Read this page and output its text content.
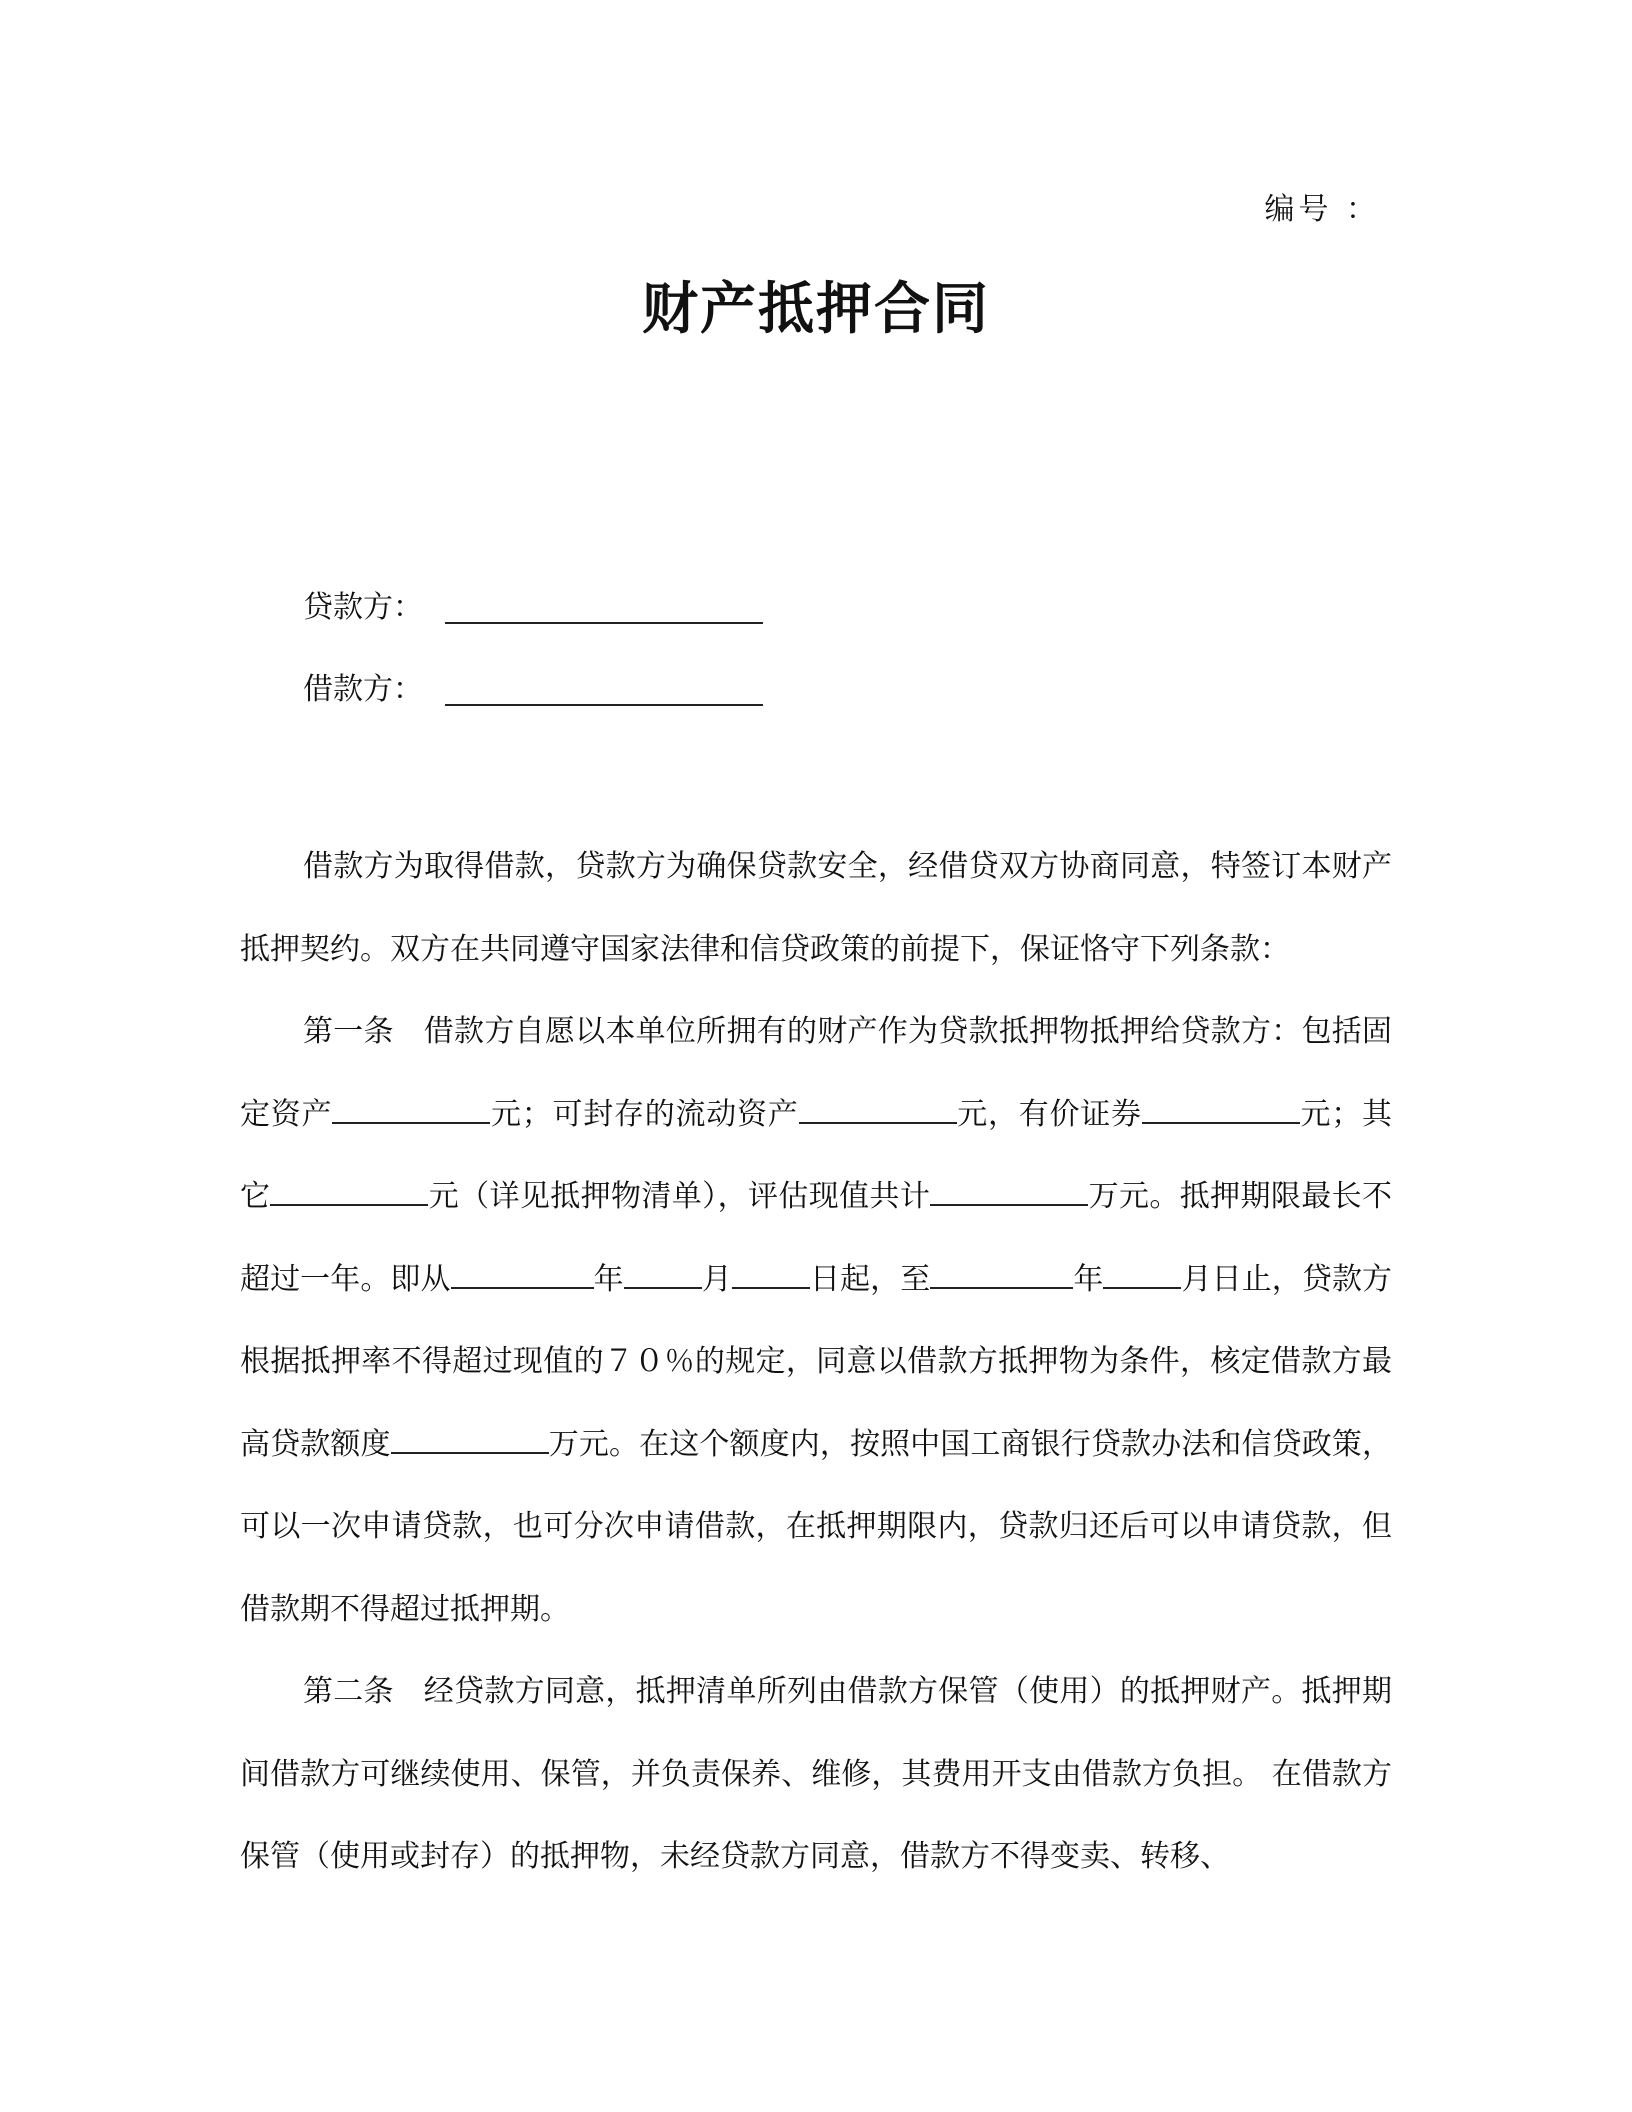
编号 ：
财产抵押合同
贷款方：
借款方：

借款方为取得借款，贷款方为确保贷款安全，经借贷双方协商同意，特签订本财产抵押契约。双方在共同遵守国家法律和信贷政策的前提下，保证恪守下列条款：

第一条 借款方自愿以本单位所拥有的财产作为贷款抵押物抵押给贷款方：包括固定资产	元；可封存的流动资产	元，有价证券	元；其它	元（详见抵押物清单），评估现值共计	万元。抵押期限最长不超过一年。即从	年	月	日起，至	年	月日止，贷款方根据抵押率不得超过现值的７０％的规定，同意以借款方抵押物为条件，核定借款方最高贷款额度	万元。在这个额度内，按照中国工商银行贷款办法和信贷政策，可以一次申请贷款，也可分次申请借款，在抵押期限内，贷款归还后可以申请贷款，但借款期不得超过抵押期。

第二条 经贷款方同意，抵押清单所列由借款方保管（使用）的抵押财产。抵押期间借款方可继续使用、保管，并负责保养、维修，其费用开支由借款方负担。 在借款方保管（使用或封存）的抵押物，未经贷款方同意，借款方不得变卖、转移、
